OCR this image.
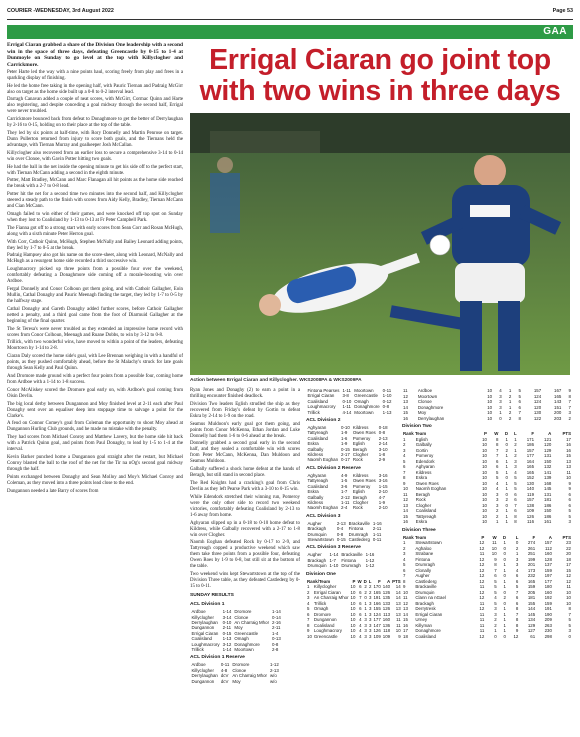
COURIER -WEDNESDAY, 3rd August 2022	Page 53
GAA

Errigal Ciaran grabbed a share of the Division One leadership with a second win in the space of three days, defeating Greencastle by 0-15 to 1-4 at Dunmoyle on Sunday to go level at the top with Killyclogher and Carrickmore.

Peter Harte led the way with a nine points haul, scoring freely from play and frees in a sparkling display of finishing.

He led the home free taking in the opening half, with Pauric Tiernan and Padraig McGirr also on target as the home side built up a 0-8 to 0-2 interval lead.

Darragh Canavan added a couple of neat scores, with McGirr, Cormac Quinn and Harte also registering, and despite conceding a goal midway through the second half, Errigal were never troubled.

Carrickmore bounced back from defeat to Donaghmore to get the better of Derrylaughan by 2-16 to 0-15, holding on to their place at the top of the table.

They led by six points at half-time, with Rory Donnelly and Martin Penrose on target. Dunn Pullerton returned from injury to score both goals, and the Tiernans held the advantage, with Tiernan Murray and goalkeeper Josh McCallan.

Killyclogher also recovered from an earlier loss to secure a comprehensive 3-14 to 0-14 win over Clonoe, with Gavin Potter hitting two goals.

He had the ball in the net inside the opening minute to get his side off to the perfect start, with Tiernan McCann adding a second in the eighth minute.

Potter, Matt Bradley, McCann and Marc Flanagan all hit points as the home side reached the break with a 2-7 to 0-8 lead.

Potter hit the net for a second time two minutes into the second half, and Killyclogher steered a steady path to the finish with scores from Aidy Kelly, Bradley, Tiernan McCann and Cian McCann.

Omagh failed to win either of their games, and were knocked off top spot on Sunday when they lost to Coalisland by 1-13 to 0-13 at Fr Peter Campbell Park.

The Fianna got off to a strong start with early scores from Sean Corr and Rosan McHugh, along with a sixth minute Peter Herron goal.

With Corr, Cathoir Quinn, McHugh, Stephen McNally and Bailey Leonard adding points, they led by 1-7 to 0-5 at the break.

Padraig Hampsey also got his name on the score-sheet, along with Leonard, McNally and McHugh as a resurgent home side recorded a third successive win.

Loughmacrory picked up three points from a possible four over the weekend, comfortably defeating a Donaghmore side coming off a morale-boosting win over Ardboe.

Fergal Donnelly and Conor Colhoun got them going, and with Cathoir Gallagher, Eoin Mullin, Cathal Donaghy and Pauric Meenagh finding the target, they led by 1-7 to 0-5 by the halfway stage.

Cathal Donaghy and Gareth Donaghy added further scores, before Cathoir Gallagher netted a penalty, and a third goal came from the foot of Diarmuid Gallagher at the beginning of the final quarter.

The St Teresa's were never troubled as they extended an impressive home record with scores from Conor Colhoun, Meenagh and Ruane Dobbs, to win by 3-12 to 0-8.

Trillick, with two wonderful wins, have moved to within a point of the leaders, defeating Moortown by 1-14 to 2-8.

Ciaran Daly scored the home side's goal, with Lee Brennan weighing in with a handful of points, as they pushed comfortably ahead, before the St Malachy's struck for late goals through Sean Kelly and Paul Quinn.

And Dromore made ground with a perfect four points from a possible four, coming home from Ardboe with a 1-14 to 1-8 success.

Conor McAliskey scored the Dromore goal early on, with Ardboe's goal coming from Oisin Devlin.

The big local derby between Dungannon and Moy finished level at 2-11 each after Paul Donaghy sent over an equaliser deep into stoppage time to salvage a point for the Clarke's.

A feud on Connor Comey's goal from Coleman the opportunity to shoot Moy ahead at Dungannon Hurling Club grounds, and he made no mistake with the penalty.

They had scores from Michael Conroy and Matthew Lavery, but the home side hit back with a Patrick Quinn goal, and points from Paul Donaghy, to lead by 1-5 to 1-4 at the interval.

Kevin Barker punched home a Dungannon goal straight after the restart, but Michael Conroy blasted the ball to the roof of the net for the Tir na nOg's second goal midway through the half.

Points exchanged between Donaghy and Sean Molloy and Moy's Michael Conroy and Coleman, as they moved into a three points lead close to the end.

Dungannon needed a late Barry of scores from

Errigal Ciaran go joint top with two wins in three days
Action between Errigal Ciaran and Killyclogher. WKS2008PA & WKS2009PA

Ryan Jones and Donaghy (2) to earn a point in a thrilling encounter finished deadlock.

Division Two leaders Eglish strudled the ship as they recovered from Friday's defeat by Gortin to defeat Eskra by 2-14 to 1-9 on the road.

Seamus Muldoon's early goal got them going, and points from Conor McKenna, Ethan Jordan and Luke Donnelly had them 1-6 to 0-6 ahead at the break.

Donnelly grabbed a second goal early in the second half, and they sealed a comfortable win with scores from Peter McCann, McKenna, Dan Muldoon and Seamus Muldoon.

Galbally suffered a shock home defeat at the hands of Beragh, but still stand in second place.

The Red Knights had a cracking's goal from Chris Devlin as they left Pearse Park with a 3-10 to 0-15 win.

While Edendork stretched their winning run, Pomeroy were the only other side to record two weekend victories, comfortably defeating Coalisland by 2-13 to 1-6 away from home.

Aghyaran slipped up in a 0-18 to 0-10 home defeat to Kildress, while Galbally recovered with a 2-17 to 1-8 win over Clogher.

Naomh Eoghan defeated Rock by 0-17 to 2-9, and Tattyreagh copped a productive weekend which saw them take three points from a possible four, defeating Owen Roes by 1-9 to 0-8, but still sit at the bottom of the table.

Two weekend wins kept Stewartstown at the top of the Division Three table, as they defeated Castlederg by 0-15 to 0-11.

SUNDAY RESULTS
ACL Division 1
Ardboe	1-14	Dromore	1-14
Killyclogher	3-14	Clonoe	0-14
Derrylaughan	0-10	An Charraig Mhor	2-16
Dungannon	2-11	Moy	2-11
Errigal Ciaran	0-15	Greencastle	1-4
Coalisland	1-13	Omagh	0-13
Loughmacrory	3-12	Donaghmore	0-8
Trillick	1-14	Moortown	2-8
ACL Division 1 Reserve
Ardboe	0-11	Dromore	1-12
Killyclogher	4-8	Clonoe	2-13
Derrylaughan	dcV	An Charraig Mhor	w/o
Dungannon	dcV	Moy	w/o
Fintona Pearses	1-11	Moortown	0-11
Errigal Ciaran	3-8	Greencastle	1-10
Coalisland	0-10	Omagh	0-12
Loughmacrory	1-11	Donaghmore	0-8
Trillick	4-14	Moortown	1-13
ACL Division 2
Aghyaran	0-10	Kildress	0-18
Tattyreagh	1-9	Owen Roes	0-8
Coalisland	1-6	Pomeroy	2-13
Eskra	1-9	Eglish	2-14
Galbally	0-15	Beragh	3-10
Kildress	2-17	Clogher	1-8
Naomh Eoghan	0-17	Rock	2-9
ACL Division 2 Reserve
Aghyaran	4-9	Kildress	3-16
Tattyreagh	1-5	Owen Roes	3-16
Coalisland	3-6	Pomeroy	1-15
Eskra	1-7	Eglish	2-10
Galbally	2-12	Beragh	4-7
Kildress	1-11	Clogher	1-9
Naomh Eoghan	2-4	Rock	2-10
ACL Division 3
Augher	2-13	Brackaville	1-16
Brackagh	0-4	Fintona	2-11
Drumquin	0-8	Drumragh	1-11
Stewartstown	0-15	Castlederg	0-11
ACL Division 3 Reserve
Augher	1-14	Brackaville	1-16
Brackagh	1-7	Fintona	1-12
Drumquin	1-10	Drumragh	1-12
Division One
Rank/Team		P	W	D	L	F	A	PTS
1	Killyclogher	10	6	2	2	170	140	14
2	Errigal Ciaran	10	6	2	2	165	126	14
3	An Charraig Mhor	10	7	0	3	191	135	14
4	Trillick	10	6	1	3	166	133	13
5	Omagh	10	6	1	3	155	126	13
6	Dromore	10	6	1	3	124	113	13
7	Dungannon	10	4	3	3	177	160	11
8	Coalisland	10	4	3	3	147	136	11
9	Loughmacrory	10	4	3	3	126	118	10
10	Greencastle	10	4	3	3	109	109	9
11	Ardboe	10	4	1	5	157	167	9
12	Moortown	10	3	2	5	124	165	8
13	Clonoe	10	3	1	6	124	143	7
14	Donaghmore	10	3	1	6	120	151	7
15	Moy	10	1	2	7	130	200	3
16	Derrylaughan	10	0	2	8	122	203	2
Division Two
Rank Team		P	W	D	L	F	A	PTS
1	Eglish	10	8	1	1	171	121	17
2	Galbally	10	8	0	2	186	120	16
3	Gortin	10	7	2	1	157	129	16
4	Pomeroy	10	7	1	2	177	131	15
5	Edendork	10	6	1	3	164	150	13
6	Aghyaran	10	6	1	3	165	132	13
7	Kildress	10	5	1	4	165	141	11
8	Eskra	10	5	0	5	152	139	10
9	Owen Roes	10	4	1	5	130	168	9
10	Naomh Eoghan	10	4	1	5	140	145	9
11	Beragh	10	3	0	6	119	131	6
12	Rock	10	3	2	6	157	181	6
13	Clogher	10	3	0	7	138	186	6
14	Coalisland	10	2	1	6	109	150	5
15	Tattyreagh	10	2	1	8	126	186	5
16	Eskra	10	1	1	8	116	161	3
Division Three
Rank Team		P	W	D	L	F	A	PTS
1	Stewartstown	12	11	1	0	274	157	23
2	Aghaloo	12	10	0	2	261	112	22
3	Strabane	11	10	0	1	251	160	20
4	Fintona	12	9	0	3	199	128	18
5	Drumragh	12	8	1	3	201	137	17
6	Clonally	12	7	1	4	173	159	15
7	Augher	12	6	0	6	232	197	12
8	Castlederg	12	5	1	6	165	177	12
9	Brackaville	11	5	1	5	159	180	11
10	Drumquin	12	5	0	7	205	160	10
11	Clann na nGael	12	4	2	6	181	192	10
12	Brackagh	11	5	0	6	155	159	10
13	Derrytresk	12	3	1	8	144	191	8
14	Errigal Ciaran	11	3	1	7	145	190	7
15	Urney	11	2	1	8	134	209	5
16	Killyman	11	2	1	8	129	263	5
17	Donaghmore	11	1	1	9	127	230	3
18	Coalisland	12	0	0	12	61	298	0
